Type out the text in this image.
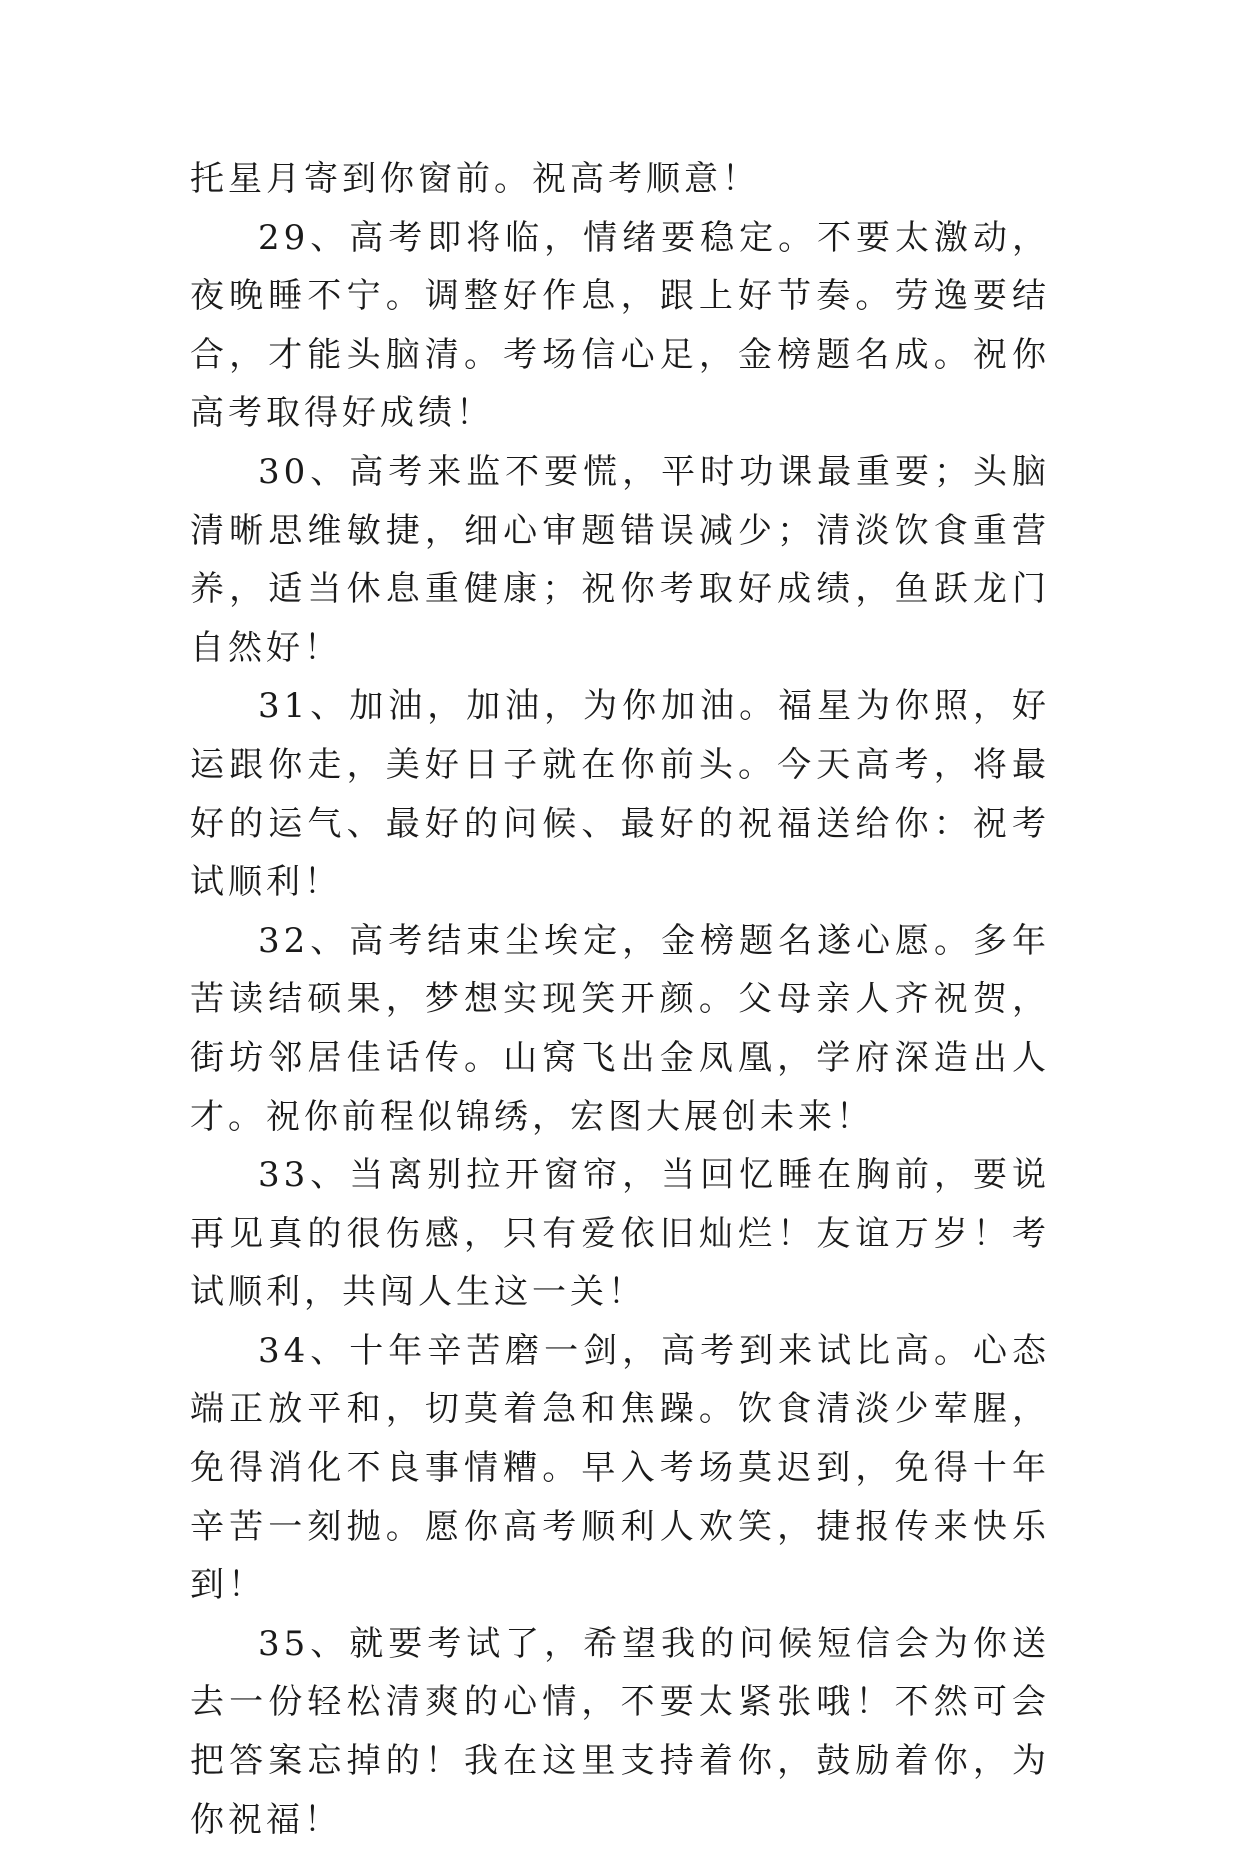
托星月寄到你窗前。祝高考顺意！

29、高考即将临，情绪要稳定。不要太激动，夜晚睡不宁。调整好作息，跟上好节奏。劳逸要结合，才能头脑清。考场信心足，金榜题名成。祝你高考取得好成绩！

30、高考来监不要慌，平时功课最重要；头脑清晰思维敏捷，细心审题错误减少；清淡饮食重营养，适当休息重健康；祝你考取好成绩，鱼跃龙门自然好！

31、加油，加油，为你加油。福星为你照，好运跟你走，美好日子就在你前头。今天高考，将最好的运气、最好的问候、最好的祝福送给你：祝考试顺利！

32、高考结束尘埃定，金榜题名遂心愿。多年苦读结硕果，梦想实现笑开颜。父母亲人齐祝贺，街坊邻居佳话传。山窝飞出金凤凰，学府深造出人才。祝你前程似锦绣，宏图大展创未来！

33、当离别拉开窗帘，当回忆睡在胸前，要说再见真的很伤感，只有爱依旧灿烂！友谊万岁！考试顺利，共闯人生这一关！

34、十年辛苦磨一剑，高考到来试比高。心态端正放平和，切莫着急和焦躁。饮食清淡少荤腥，免得消化不良事情糟。早入考场莫迟到，免得十年辛苦一刻抛。愿你高考顺利人欢笑，捷报传来快乐到！

35、就要考试了，希望我的问候短信会为你送去一份轻松清爽的心情，不要太紧张哦！不然可会把答案忘掉的！我在这里支持着你，鼓励着你，为你祝福！
